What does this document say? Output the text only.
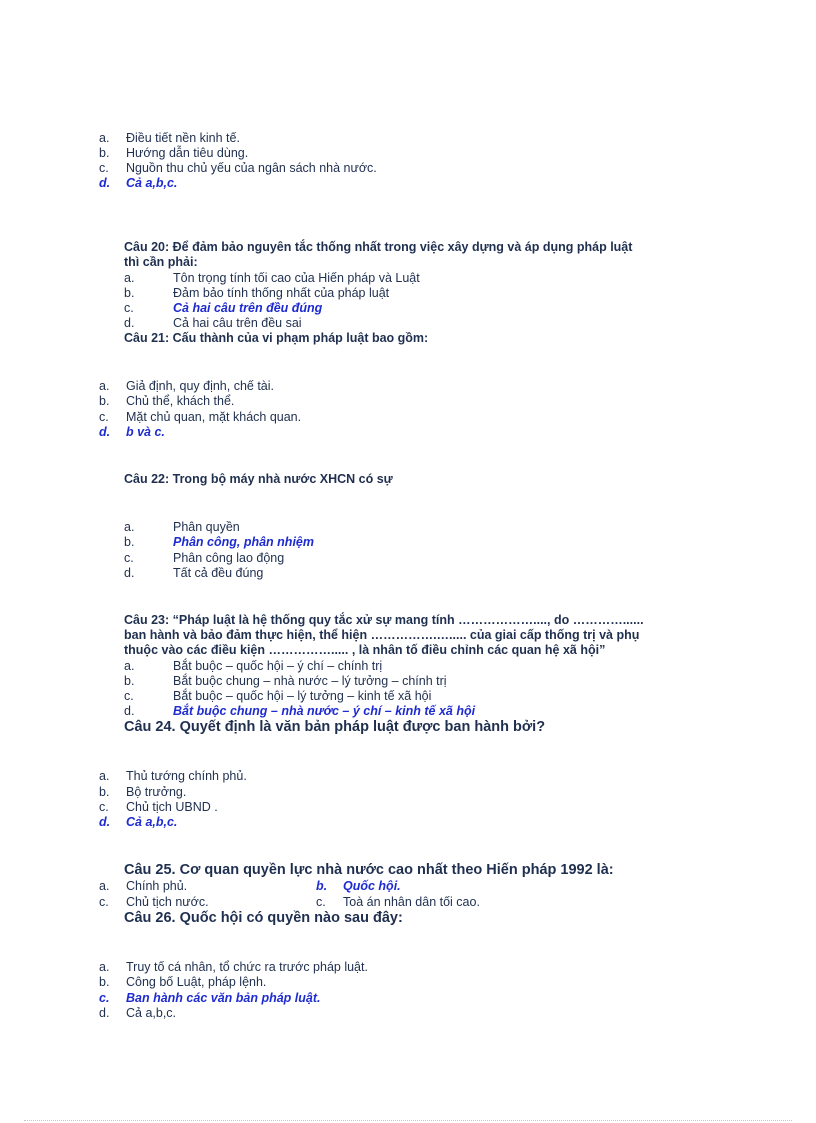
a. Điều tiết nền kinh tế.
b. Hướng dẫn tiêu dùng.
c. Nguồn thu chủ yếu của ngân sách nhà nước.
d. Cả a,b,c.
Câu 20: Để đảm bảo nguyên tắc thống nhất trong việc xây dựng và áp dụng pháp luật
thì cần phải:
a.	Tôn trọng tính tối cao của Hiến pháp và Luật
b.	Đảm bảo tính thống nhất của pháp luật
c.	Cả hai câu trên đều đúng
d.	Cả hai câu trên đều sai
Câu 21: Cấu thành của vi phạm pháp luật bao gồm:
a. Giả định, quy định, chế tài.
b. Chủ thể, khách thể.
c. Mặt chủ quan, mặt khách quan.
d. b và c.
Câu 22: Trong bộ máy nhà nước XHCN có sự
a.	Phân quyền
b.	Phân công, phân nhiệm
c.	Phân công lao động
d.	Tất cả đều đúng
Câu 23: “Pháp luật là hệ thống quy tắc xử sự mang tính ………………...., do …………......
ban hành và bảo đảm thực hiện, thể hiện …………….…..... của giai cấp thống trị và phụ
thuộc vào các điều kiện ……………..... , là nhân tố điều chỉnh các quan hệ xã hội”
a.	Bắt buộc – quốc hội – ý chí – chính trị
b.	Bắt buộc chung – nhà nước – lý tưởng – chính trị
c.	Bắt buộc – quốc hội – lý tưởng – kinh tế xã hội
d.	Bắt buộc chung – nhà nước – ý chí – kinh tế xã hội
Câu 24. Quyết định là văn bản pháp luật được ban hành bởi?
a. Thủ tướng chính phủ.
b. Bộ trưởng.
c. Chủ tịch UBND .
d. Cả a,b,c.
Câu 25. Cơ quan quyền lực nhà nước cao nhất theo Hiến pháp 1992 là:
a. Chính phủ.	b. Quốc hội.
c. Chủ tịch nước.	c. Toà án nhân dân tối cao.
Câu 26. Quốc hội có quyền nào sau đây:
a. Truy tố cá nhân, tổ chức ra trước pháp luật.
b. Công bố Luật, pháp lệnh.
c. Ban hành các văn bản pháp luật.
d. Cả a,b,c.
